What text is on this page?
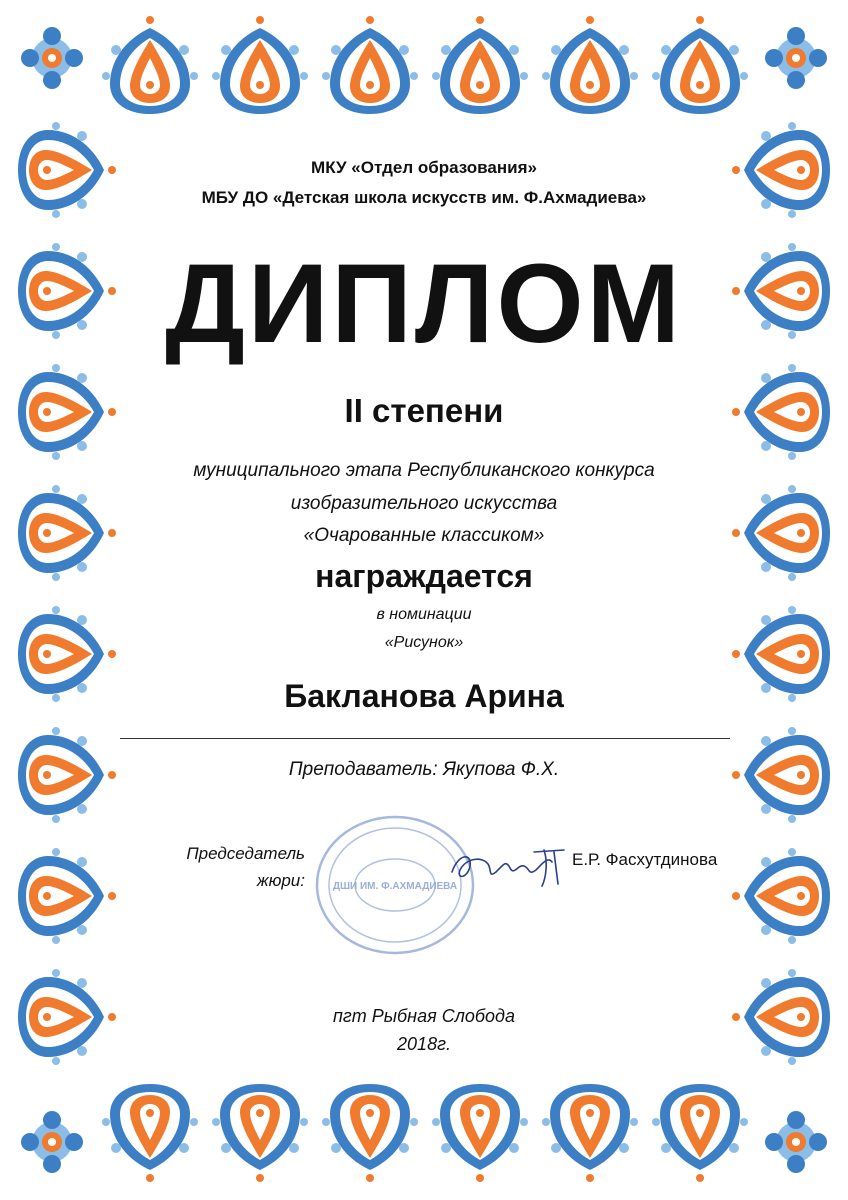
МКУ «Отдел образования»

МБУ ДО «Детская школа искусств им. Ф.Ахмадиева»

ДИПЛОМ

II степени

муниципального этапа Республиканского конкурса

изобразительного искусства

«Очарованные классиком»

награждается

в номинации

«Рисунок»

Бакланова Арина

Преподаватель: Якупова Ф.Х.

ДШИ ИМ. Ф.АХМАДИЕВА
Председатель
жюри:
Е.Р. Фасхутдинова

пгт Рыбная Слобода

2018г.
